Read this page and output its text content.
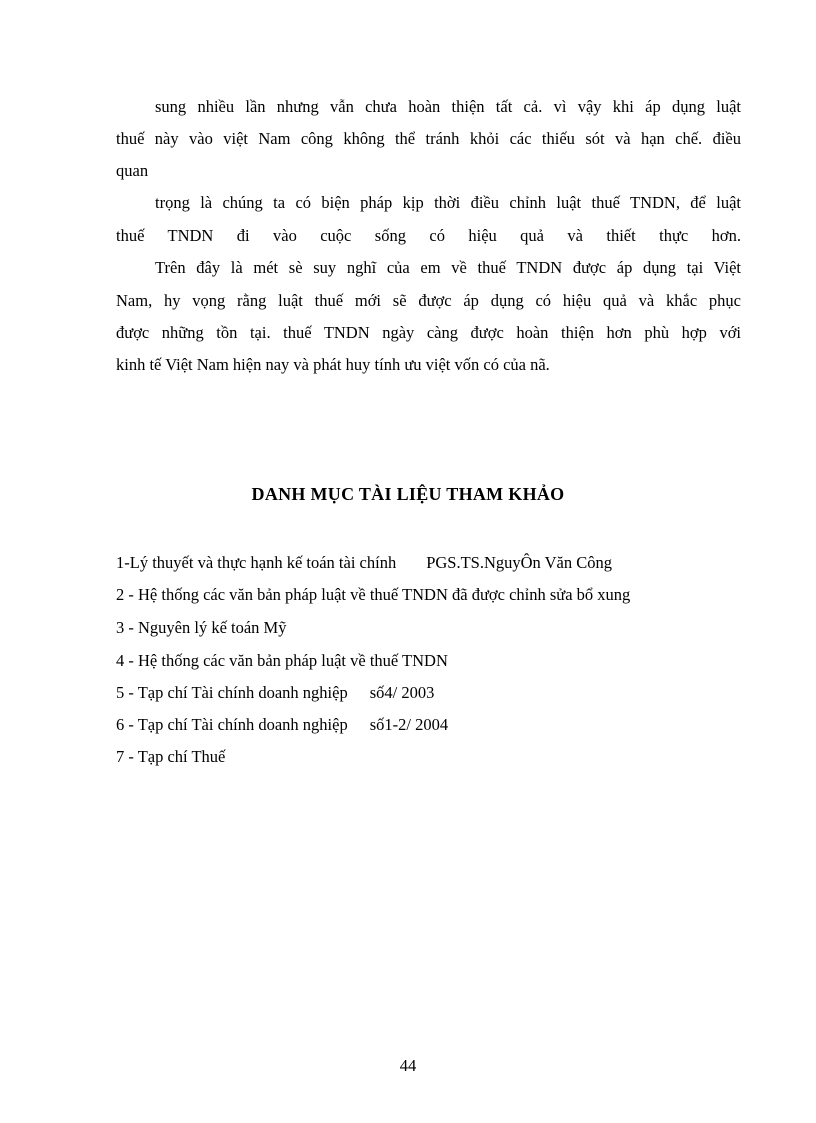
sung nhiều lần nhưng vẫn chưa hoàn thiện tất cả. vì vậy khi áp dụng luật
thuế này vào việt Nam công không thể tránh khỏi các thiếu sót và hạn chế. điều
quan
trọng là chúng ta có biện pháp kịp thời điều chỉnh luật thuế TNDN, để luật
thuế TNDN đi vào cuộc sống có hiệu quả và thiết thực hơn.
Trên đây là mét sè suy nghĩ của em về thuế TNDN được áp dụng tại Việt
Nam, hy vọng rằng luật thuế mới sẽ được áp dụng có hiệu quả và khắc phục
được những tồn tại. thuế TNDN ngày càng được hoàn thiện hơn phù hợp với
kinh tế Việt Nam hiện nay và phát huy tính ưu việt vốn có của nã.
DANH MỤC TÀI LIỆU THAM KHẢO
1-Lý thuyết và thực hạnh kế toán tài chính PGS.TS.NguyÔn Văn Công
2 - Hệ thống các văn bản pháp luật về thuế TNDN đã được chỉnh sửa bổ xung
3 - Nguyên lý kế toán Mỹ
4 - Hệ thống các văn bản pháp luật về thuế TNDN
5 - Tạp chí Tài chính doanh nghiệp số4/ 2003
6 - Tạp chí Tài chính doanh nghiệp số1-2/ 2004
7 - Tạp chí Thuế
44
